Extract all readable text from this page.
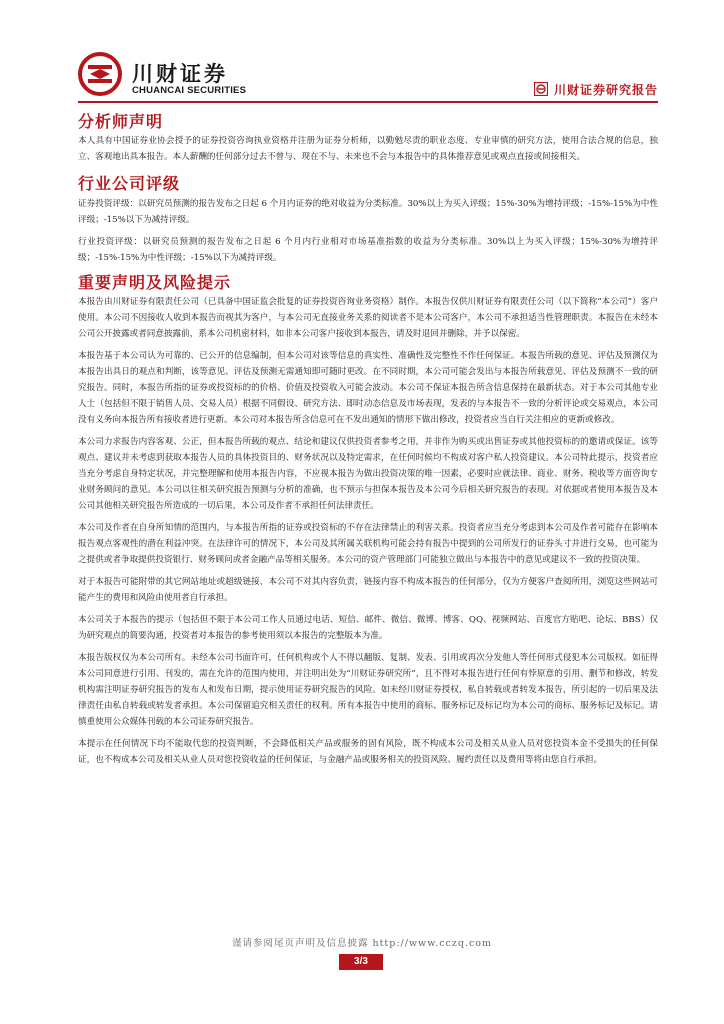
川财证券
CHUANCAI SECURITIES	川财证券研究报告
分析师声明

本人具有中国证券业协会授予的证券投资咨询执业资格并注册为证券分析师，以勤勉尽责的职业态度、专业审慎的研究方法，使用合法合规的信息，独立、客观地出具本报告。本人薪酬的任何部分过去不曾与、现在不与、未来也不会与本报告中的具体推荐意见或观点直接或间接相关。

行业公司评级

证券投资评级：以研究员预测的报告发布之日起 6 个月内证券的绝对收益为分类标准。30%以上为买入评级；15%-30%为增持评级；-15%-15%为中性评级；-15%以下为减持评级。

行业投资评级：以研究员预测的报告发布之日起 6 个月内行业相对市场基准指数的收益为分类标准。30%以上为买入评级；15%-30%为增持评级；-15%-15%为中性评级；-15%以下为减持评级。

重要声明及风险提示

本报告由川财证券有限责任公司（已具备中国证监会批复的证券投资咨询业务资格）制作。本报告仅供川财证券有限责任公司（以下简称“本公司”）客户使用。本公司不因接收人收到本报告而视其为客户，与本公司无直接业务关系的阅读者不是本公司客户，本公司不承担适当性管理职责。本报告在未经本公司公开披露或者同意披露前，系本公司机密材料，如非本公司客户接收到本报告，请及时退回并删除，并予以保密。

本报告基于本公司认为可靠的、已公开的信息编制，但本公司对该等信息的真实性、准确性及完整性不作任何保证。本报告所载的意见、评估及预测仅为本报告出具日的观点和判断，该等意见、评估及预测无需通知即可随时更改。在不同时期，本公司可能会发出与本报告所载意见、评估及预测不一致的研究报告。同时，本报告所指的证券或投资标的的价格、价值及投资收入可能会波动。本公司不保证本报告所含信息保持在最新状态。对于本公司其他专业人士（包括但不限于销售人员、交易人员）根据不同假设、研究方法、即时动态信息及市场表现，发表的与本报告不一致的分析评论或交易观点，本公司没有义务向本报告所有接收者进行更新。本公司对本报告所含信息可在不发出通知的情形下做出修改，投资者应当自行关注相应的更新或修改。

本公司力求报告内容客观、公正，但本报告所载的观点、结论和建议仅供投资者参考之用，并非作为购买或出售证券或其他投资标的的邀请或保证。该等观点、建议并未考虑到获取本报告人员的具体投资目的、财务状况以及特定需求，在任何时候均不构成对客户私人投资建议。本公司特此提示，投资者应当充分考虑自身特定状况，并完整理解和使用本报告内容，不应视本报告为做出投资决策的唯一因素，必要时应就法律、商业、财务、税收等方面咨询专业财务顾问的意见。本公司以往相关研究报告预测与分析的准确，也不预示与担保本报告及本公司今后相关研究报告的表现。对依据或者使用本报告及本公司其他相关研究报告所造成的一切后果，本公司及作者不承担任何法律责任。

本公司及作者在自身所知情的范围内，与本报告所指的证券或投资标的不存在法律禁止的利害关系。投资者应当充分考虑到本公司及作者可能存在影响本报告观点客观性的潜在利益冲突。在法律许可的情况下，本公司及其所属关联机构可能会持有报告中提到的公司所发行的证券头寸并进行交易，也可能为之提供或者争取提供投资银行、财务顾问或者金融产品等相关服务。本公司的资产管理部门可能独立做出与本报告中的意见或建议不一致的投资决策。

对于本报告可能附带的其它网站地址或超级链接，本公司不对其内容负责，链接内容不构成本报告的任何部分，仅为方便客户查阅所用，浏览这些网站可能产生的费用和风险由使用者自行承担。

本公司关于本报告的提示（包括但不限于本公司工作人员通过电话、短信、邮件、微信、微博、博客、QQ、视频网站、百度官方贴吧、论坛、BBS）仅为研究观点的简要沟通，投资者对本报告的参考使用须以本报告的完整版本为准。

本报告版权仅为本公司所有。未经本公司书面许可，任何机构或个人不得以翻版、复制、发表、引用或再次分发他人等任何形式侵犯本公司版权。如征得本公司同意进行引用、刊发的，需在允许的范围内使用，并注明出处为“川财证券研究所”，且不得对本报告进行任何有悖原意的引用、删节和修改，转发机构需注明证券研究报告的发布人和发布日期，提示使用证券研究报告的风险。如未经川财证券授权，私自转载或者转发本报告，所引起的一切后果及法律责任由私自转载或转发者承担。本公司保留追究相关责任的权利。所有本报告中使用的商标、服务标记及标记均为本公司的商标、服务标记及标记。请慎重使用公众媒体刊载的本公司证券研究报告。

本提示在任何情况下均不能取代您的投资判断，不会降低相关产品或服务的固有风险，既不构成本公司及相关从业人员对您投资本金不受损失的任何保证，也不构成本公司及相关从业人员对您投资收益的任何保证，与金融产品或服务相关的投资风险、履约责任以及费用等将由您自行承担。

谨请参阅尾页声明及信息披露 http://www.cczq.com
3/3
